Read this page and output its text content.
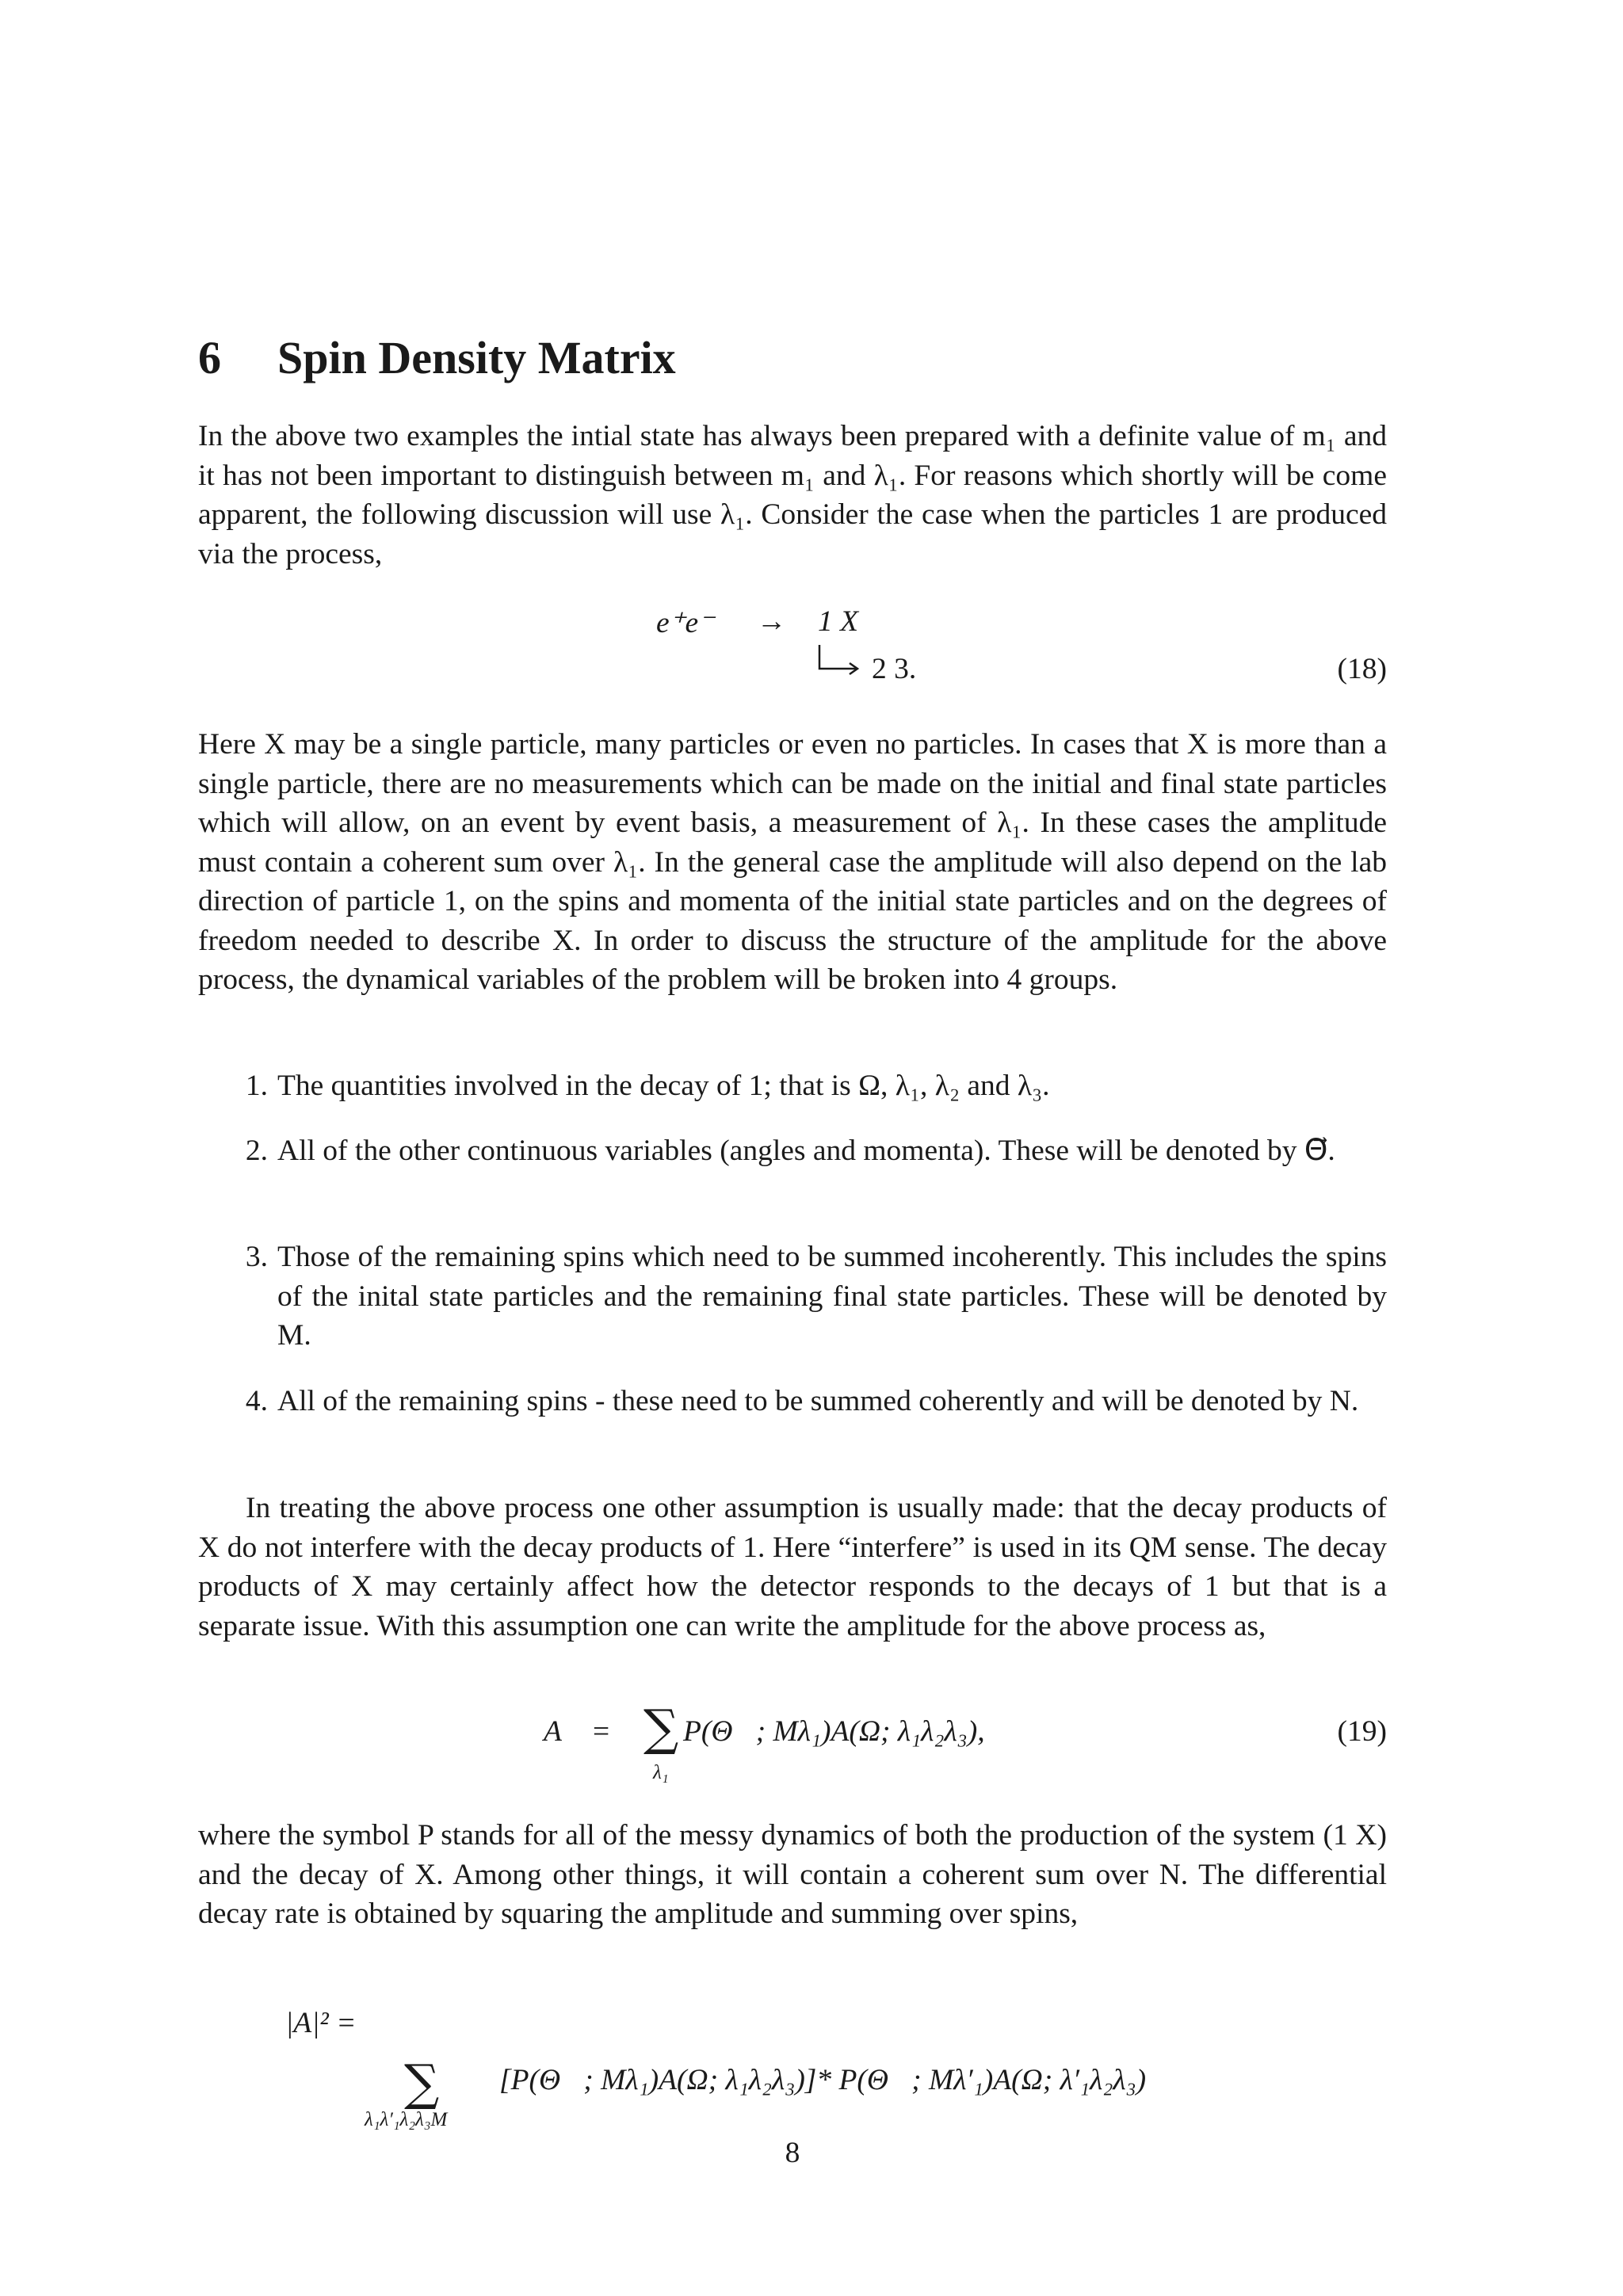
6 Spin Density Matrix

In the above two examples the intial state has always been prepared with a definite value of m₁ and it has not been important to distinguish between m₁ and λ₁. For reasons which shortly will be come apparent, the following discussion will use λ₁. Consider the case when the particles 1 are produced via the process,

e⁺e⁻ → 1 X
2 3.	(18)

Here X may be a single particle, many particles or even no particles. In cases that X is more than a single particle, there are no measurements which can be made on the initial and final state particles which will allow, on an event by event basis, a measurement of λ₁. In these cases the amplitude must contain a coherent sum over λ₁. In the general case the amplitude will also depend on the lab direction of particle 1, on the spins and momenta of the initial state particles and on the degrees of freedom needed to describe X. In order to discuss the structure of the amplitude for the above process, the dynamical variables of the problem will be broken into 4 groups.

1. The quantities involved in the decay of 1; that is Ω, λ₁, λ₂ and λ₃.

2. All of the other continuous variables (angles and momenta). These will be denoted by Θ⃗.

3. Those of the remaining spins which need to be summed incoherently. This includes the spins of the inital state particles and the remaining final state particles. These will be denoted by M.

4. All of the remaining spins - these need to be summed coherently and will be denoted by N.

In treating the above process one other assumption is usually made: that the decay products of X do not interfere with the decay products of 1. Here “interfere” is used in its QM sense. The decay products of X may certainly affect how the detector responds to the decays of 1 but that is a separate issue. With this assumption one can write the amplitude for the above process as,

A = ∑
λ₁
P(Θ⃗; Mλ₁)A(Ω; λ₁λ₂λ₃),	(19)

where the symbol P stands for all of the messy dynamics of both the production of the system (1 X) and the decay of X. Among other things, it will contain a coherent sum over N. The differential decay rate is obtained by squaring the amplitude and summing over spins,

|A|² =
∑
λ₁λ′₁λ₂λ₃M
[P(Θ⃗; Mλ₁)A(Ω; λ₁λ₂λ₃)]* P(Θ⃗; Mλ′₁)A(Ω; λ′₁λ₂λ₃)
8
